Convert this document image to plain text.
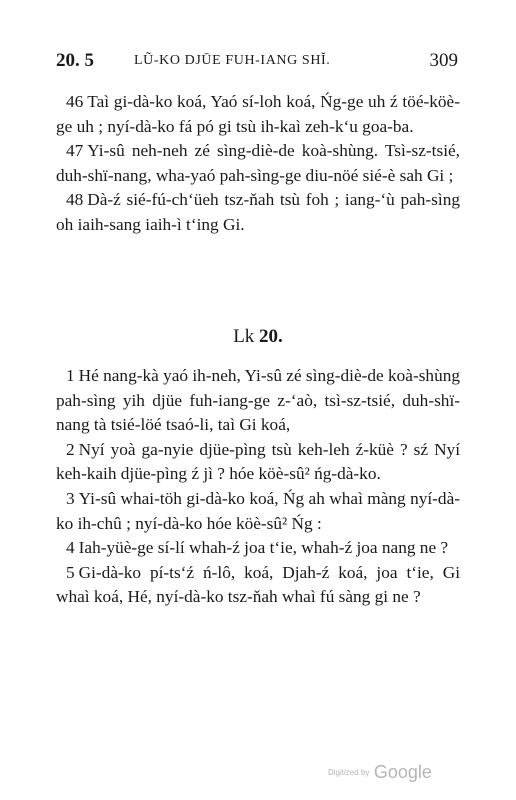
20. 5	LŨ-KO DJŪE FUH-IANG SHĬ.	309

46 Taì gi-dà-ko koá, Yaó sí-loh koá, Ńg-ge uh ź töé-köè-ge uh ; nyí-dà-ko fá pó gi tsù ih-kaì zeh-k‘u goa-ba.

47 Yi-sû neh-neh zé sìng-diè-de koà-shùng. Tsì-sz-tsié, duh-shï-nang, wha-yaó pah-sìng-ge diu-nöé sié-è sah Gi ;

48 Dà-ź sié-fú-ch‘üeh tsz-ňah tsù foh ; iang-‘ù pah-sìng oh iaih-sang iaih-ì t‘ing Gi.

Lk 20.

1 Hé nang-kà yaó ih-neh, Yi-sû zé sìng-diè-de koà-shùng pah-sìng yih djüe fuh-iang-ge z-‘aò, tsì-sz-tsié, duh-shï-nang tà tsié-löé tsaó-li, taì Gi koá,

2 Nyí yoà ga-nyie djüe-pìng tsù keh-leh ź-küè ? sź Nyí keh-kaih djüe-pìng ź jì ? hóe köè-sû² ńg-dà-ko.

3 Yi-sû whai-töh gi-dà-ko koá, Ńg ah whaì màng nyí-dà-ko ih-chû ; nyí-dà-ko hóe köè-sû² Ńg :

4 Iah-yüè-ge sí-lí whah-ź joa t‘ie, whah-ź joa nang ne ?

5 Gi-dà-ko pí-ts‘ź ń-lô, koá, Djah-ź koá, joa t‘ie, Gi whaì koá, Hé, nyí-dà-ko tsz-ňah whaì fú sàng gi ne ?

Digitized by Google
